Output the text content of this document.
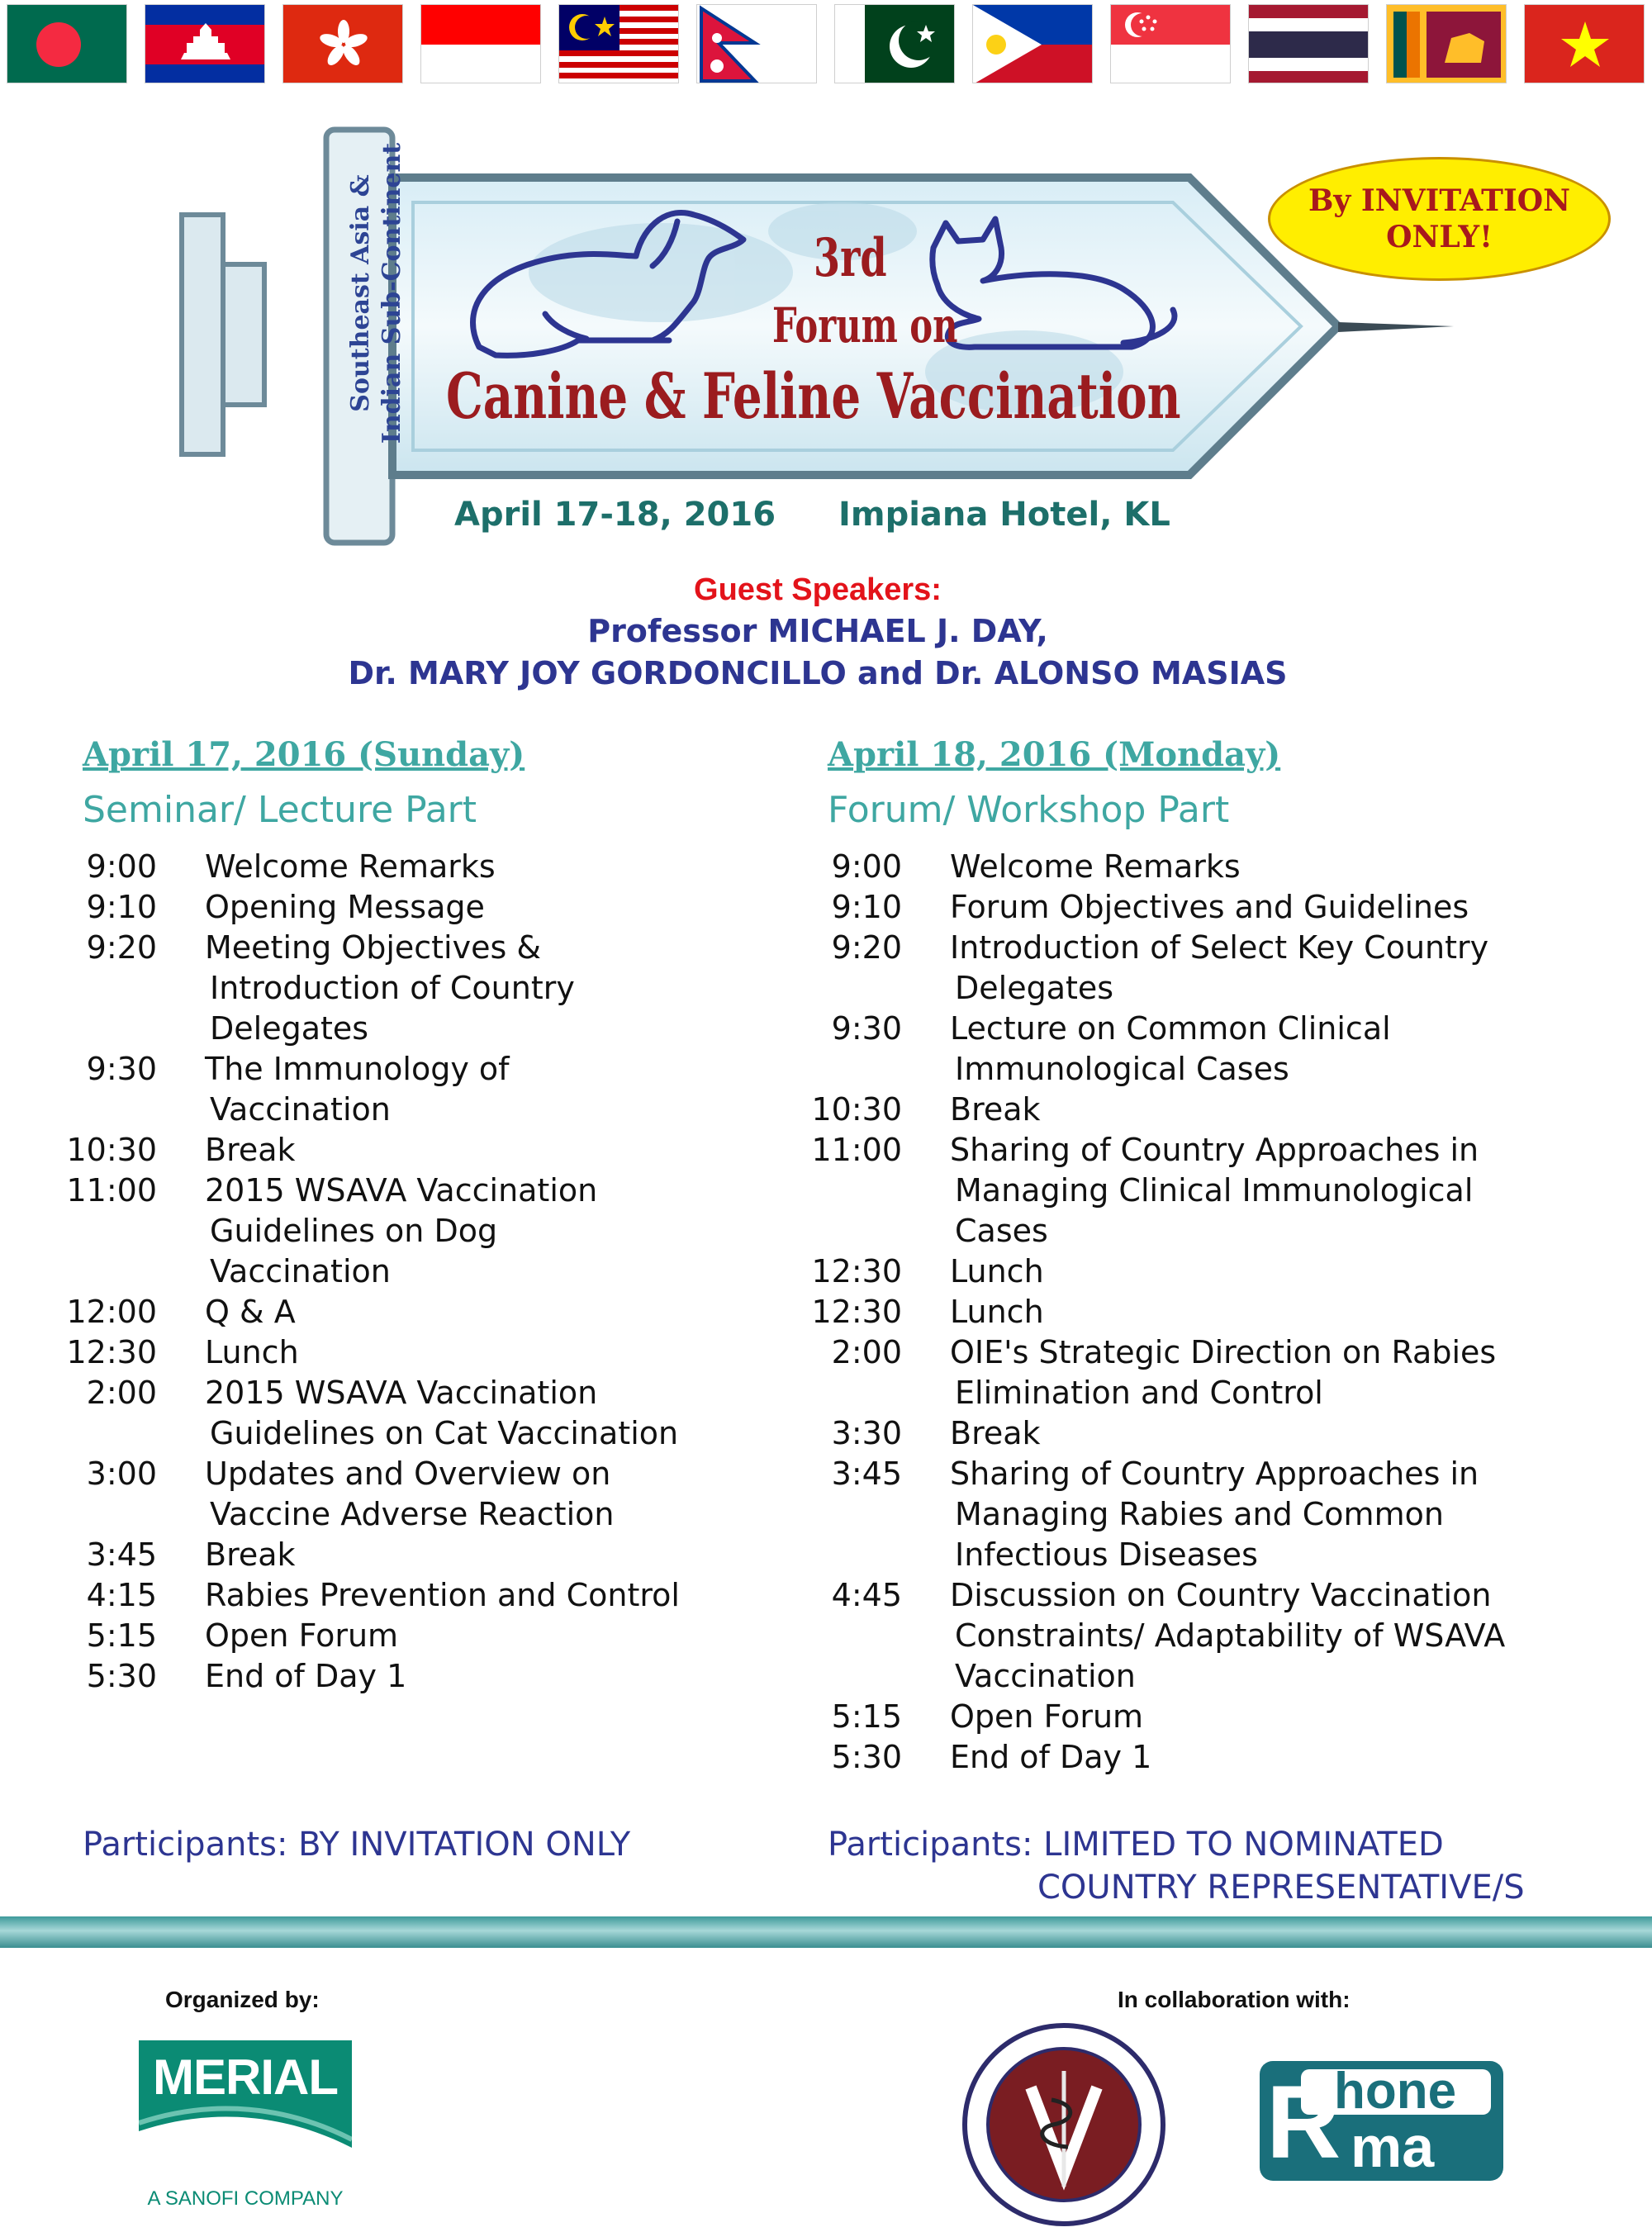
Southeast Asia & Indian Sub-Continent	3rd
Forum on
Canine & Feline Vaccination
April 17-18, 2016 Impiana Hotel, KL
By INVITATION
ONLY!
Guest Speakers:
Professor MICHAEL J. DAY,
Dr. MARY JOY GORDONCILLO and Dr. ALONSO MASIAS
April 17, 2016 (Sunday)
Seminar/ Lecture Part
April 18, 2016 (Monday)
Forum/ Workshop Part
9:00 Welcome Remarks
9:10 Opening Message
9:20 Meeting Objectives &
Introduction of Country
Delegates
9:30 The Immunology of
Vaccination
10:30 Break
11:00 2015 WSAVA Vaccination
Guidelines on Dog
Vaccination
12:00 Q & A
12:30 Lunch
2:00 2015 WSAVA Vaccination
Guidelines on Cat Vaccination
3:00 Updates and Overview on
Vaccine Adverse Reaction
3:45 Break
4:15 Rabies Prevention and Control
5:15 Open Forum
5:30 End of Day 1
9:00 Welcome Remarks
9:10 Forum Objectives and Guidelines
9:20 Introduction of Select Key Country
Delegates
9:30 Lecture on Common Clinical
Immunological Cases
10:30 Break
11:00 Sharing of Country Approaches in
Managing Clinical Immunological
Cases
12:30 Lunch
12:30 Lunch
2:00 OIE's Strategic Direction on Rabies
Elimination and Control
3:30 Break
3:45 Sharing of Country Approaches in
Managing Rabies and Common
Infectious Diseases
4:45 Discussion on Country Vaccination
Constraints/ Adaptability of WSAVA
Vaccination
5:15 Open Forum
5:30 End of Day 1
Participants: BY INVITATION ONLY	Participants: LIMITED TO NOMINATED
COUNTRY REPRESENTATIVE/S
Organized by:	In collaboration with:
MERIAL
A SANOFI COMPANY
R
hone
ma
